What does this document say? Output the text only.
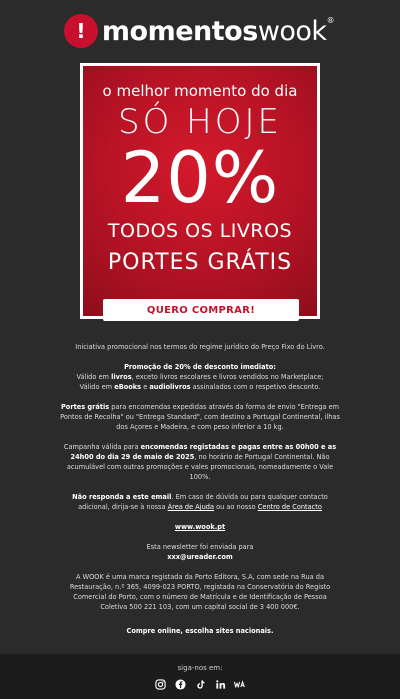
! momentoswook®
o melhor momento do dia
SÓ HOJE
20%
TODOS OS LIVROS
PORTES GRÁTIS
QUERO COMPRAR!

Iniciativa promocional nos termos do regime jurídico do Preço Fixo do Livro.

Promoção de 20% de desconto imediato:
Válido em livros, exceto livros escolares e livros vendidos no Marketplace;
Válido em eBooks e audiolivros assinalados com o respetivo desconto.

Portes grátis para encomendas expedidas através da forma de envio "Entrega em Pontos de Recolha" ou "Entrega Standard", com destino a Portugal Continental, ilhas dos Açores e Madeira, e com peso inferior a 10 kg.

Campanha válida para encomendas registadas e pagas entre as 00h00 e as 24h00 do dia 29 de maio de 2025, no horário de Portugal Continental. Não acumulável com outras promoções e vales promocionais, nomeadamente o Vale 100%.

Não responda a este email. Em caso de dúvida ou para qualquer contacto adicional, dirija-se à nossa Área de Ajuda ou ao nosso Centro de Contacto

www.wook.pt

Esta newsletter foi enviada para
xxx@ureader.com

A WOOK é uma marca registada da Porto Editora, S.A, com sede na Rua da Restauração, n.º 365, 4099-023 PORTO, registada na Conservatória do Registo Comercial do Porto, com o número de Matrícula e de Identificação de Pessoa Coletiva 500 221 103, com um capital social de 3 400 000€.

Compre online, escolha sites nacionais.

siga-nos em:
